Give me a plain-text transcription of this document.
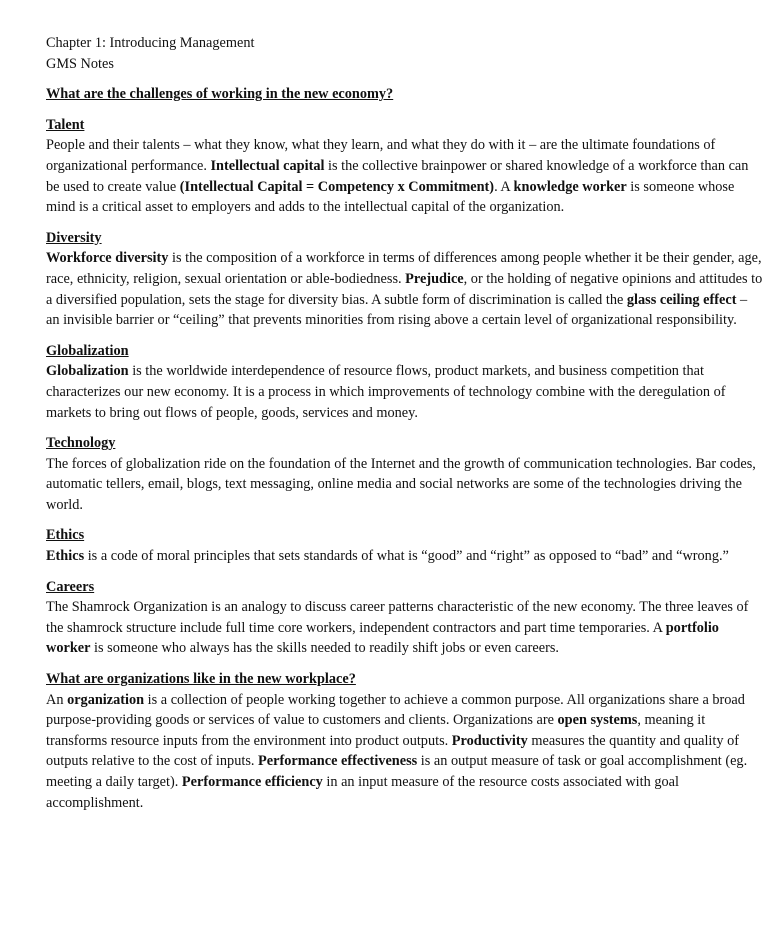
Chapter 1: Introducing Management

GMS Notes

What are the challenges of working in the new economy?

Talent

People and their talents – what they know, what they learn, and what they do with it – are the ultimate foundations of organizational performance. Intellectual capital is the collective brainpower or shared knowledge of a workforce than can be used to create value (Intellectual Capital = Competency x Commitment). A knowledge worker is someone whose mind is a critical asset to employers and adds to the intellectual capital of the organization.

Diversity

Workforce diversity is the composition of a workforce in terms of differences among people whether it be their gender, age, race, ethnicity, religion, sexual orientation or able-bodiedness. Prejudice, or the holding of negative opinions and attitudes to a diversified population, sets the stage for diversity bias. A subtle form of discrimination is called the glass ceiling effect – an invisible barrier or “ceiling” that prevents minorities from rising above a certain level of organizational responsibility.

Globalization

Globalization is the worldwide interdependence of resource flows, product markets, and business competition that characterizes our new economy. It is a process in which improvements of technology combine with the deregulation of markets to bring out flows of people, goods, services and money.

Technology

The forces of globalization ride on the foundation of the Internet and the growth of communication technologies. Bar codes, automatic tellers, email, blogs, text messaging, online media and social networks are some of the technologies driving the world.

Ethics

Ethics is a code of moral principles that sets standards of what is “good” and “right” as opposed to “bad” and “wrong.”

Careers

The Shamrock Organization is an analogy to discuss career patterns characteristic of the new economy. The three leaves of the shamrock structure include full time core workers, independent contractors and part time temporaries. A portfolio worker is someone who always has the skills needed to readily shift jobs or even careers.

What are organizations like in the new workplace?

An organization is a collection of people working together to achieve a common purpose. All organizations share a broad purpose-providing goods or services of value to customers and clients. Organizations are open systems, meaning it transforms resource inputs from the environment into product outputs. Productivity measures the quantity and quality of outputs relative to the cost of inputs. Performance effectiveness is an output measure of task or goal accomplishment (eg. meeting a daily target). Performance efficiency in an input measure of the resource costs associated with goal accomplishment.
